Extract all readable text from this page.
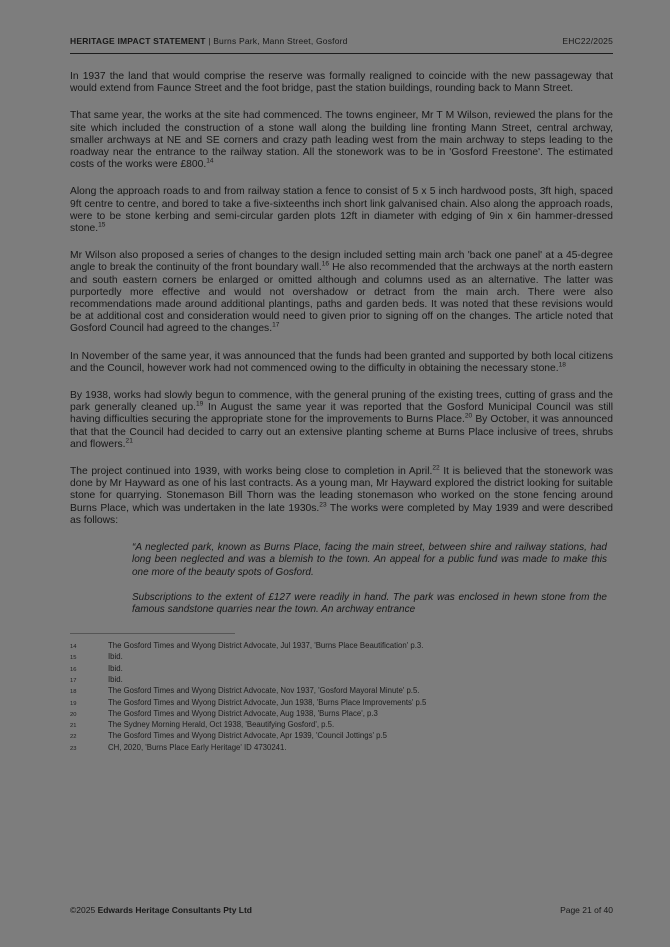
HERITAGE IMPACT STATEMENT | Burns Park, Mann Street, Gosford	EHC22/2025

In 1937 the land that would comprise the reserve was formally realigned to coincide with the new passageway that would extend from Faunce Street and the foot bridge, past the station buildings, rounding back to Mann Street.

That same year, the works at the site had commenced. The towns engineer, Mr T M Wilson, reviewed the plans for the site which included the construction of a stone wall along the building line fronting Mann Street, central archway, smaller archways at NE and SE corners and crazy path leading west from the main archway to steps leading to the roadway near the entrance to the railway station. All the stonework was to be in 'Gosford Freestone'. The estimated costs of the works were £800.14

Along the approach roads to and from railway station a fence to consist of 5 x 5 inch hardwood posts, 3ft high, spaced 9ft centre to centre, and bored to take a five-sixteenths inch short link galvanised chain. Also along the approach roads, were to be stone kerbing and semi-circular garden plots 12ft in diameter with edging of 9in x 6in hammer-dressed stone.$^{15}$

Mr Wilson also proposed a series of changes to the design included setting main arch 'back one panel' at a 45-degree angle to break the continuity of the front boundary wall.$^{16}$ He also recommended that the archways at the north eastern and south eastern corners be enlarged or omitted although and columns used as an alternative. The latter was purportedly more effective and would not overshadow or detract from the main arch. There were also recommendations made around additional plantings, paths and garden beds. It was noted that these revisions would be at additional cost and consideration would need to given prior to signing off on the changes. The article noted that Gosford Council had agreed to the changes.$^{17}$

In November of the same year, it was announced that the funds had been granted and supported by both local citizens and the Council, however work had not commenced owing to the difficulty in obtaining the necessary stone.$^{18}$

By 1938, works had slowly begun to commence, with the general pruning of the existing trees, cutting of grass and the park generally cleaned up.$^{19}$ In August the same year it was reported that the Gosford Municipal Council was still having difficulties securing the appropriate stone for the improvements to Burns Place.$^{20}$ By October, it was announced that that the Council had decided to carry out an extensive planting scheme at Burns Place inclusive of trees, shrubs and flowers.$^{21}$

The project continued into 1939, with works being close to completion in April.$^{22}$ It is believed that the stonework was done by Mr Hayward as one of his last contracts. As a young man, Mr Hayward explored the district looking for suitable stone for quarrying. Stonemason Bill Thorn was the leading stonemason who worked on the stone fencing around Burns Place, which was undertaken in the late 1930s.$^{23}$ The works were completed by May 1939 and were described as follows:

“A neglected park, known as Burns Place, facing the main street, between shire and railway stations, had long been neglected and was a blemish to the town. An appeal for a public fund was made to make this one more of the beauty spots of Gosford.

Subscriptions to the extent of £127 were readily in hand. The park was enclosed in hewn stone from the famous sandstone quarries near the town. An archway entrance

14	The Gosford Times and Wyong District Advocate, Jul 1937, 'Burns Place Beautification' p.3.
15	Ibid.
16	Ibid.
17	Ibid.
18	The Gosford Times and Wyong District Advocate, Nov 1937, 'Gosford Mayoral Minute' p.5.
19	The Gosford Times and Wyong District Advocate, Jun 1938, 'Burns Place Improvements' p.5
20	The Gosford Times and Wyong District Advocate, Aug 1938, 'Burns Place', p.3
21	The Sydney Morning Herald, Oct 1938, 'Beautifying Gosford', p.5.
22	The Gosford Times and Wyong District Advocate, Apr 1939, 'Council Jottings' p.5
23	CH, 2020, 'Burns Place Early Heritage' ID 4730241.
©2025 Edwards Heritage Consultants Pty Ltd	Page 21 of 40
